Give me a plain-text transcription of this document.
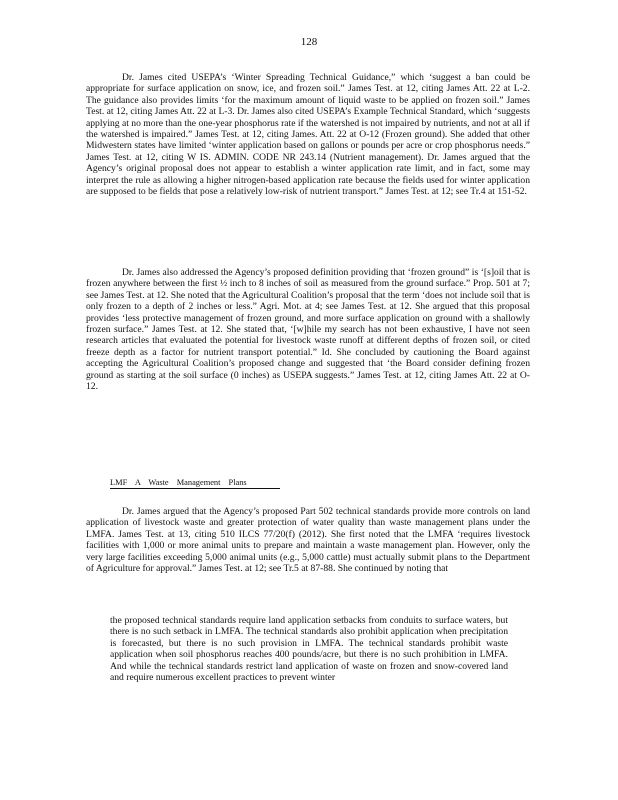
128

Dr. James cited USEPA’s ‘Winter Spreading Technical Guidance,” which ‘suggest a ban could be appropriate for surface application on snow, ice, and frozen soil.” James Test. at 12, citing James Att. 22 at L-2. The guidance also provides limits ‘for the maximum amount of liquid waste to be applied on frozen soil.” James Test. at 12, citing James Att. 22 at L-3. Dr. James also cited USEPA’s Example Technical Standard, which ‘suggests applying at no more than the one-year phosphorus rate if the watershed is not impaired by nutrients, and not at all if the watershed is impaired.” James Test. at 12, citing James. Att. 22 at O-12 (Frozen ground). She added that other Midwestern states have limited ‘winter application based on gallons or pounds per acre or crop phosphorus needs.” James Test. at 12, citing W IS. ADMIN. CODE NR 243.14 (Nutrient management). Dr. James argued that the Agency’s original proposal does not appear to establish a winter application rate limit, and in fact, some may interpret the rule as allowing a higher nitrogen-based application rate because the fields used for winter application are supposed to be fields that pose a relatively low-risk of nutrient transport.” James Test. at 12; see Tr.4 at 151-52.

Dr. James also addressed the Agency’s proposed definition providing that ‘frozen ground” is ‘[s]oil that is frozen anywhere between the first ½ inch to 8 inches of soil as measured from the ground surface.” Prop. 501 at 7; see James Test. at 12. She noted that the Agricultural Coalition’s proposal that the term ‘does not include soil that is only frozen to a depth of 2 inches or less.” Agri. Mot. at 4; see James Test. at 12. She argued that this proposal provides ‘less protective management of frozen ground, and more surface application on ground with a shallowly frozen surface.” James Test. at 12. She stated that, ‘[w]hile my search has not been exhaustive, I have not seen research articles that evaluated the potential for livestock waste runoff at different depths of frozen soil, or cited freeze depth as a factor for nutrient transport potential.” Id. She concluded by cautioning the Board against accepting the Agricultural Coalition’s proposed change and suggested that ‘the Board consider defining frozen ground as starting at the soil surface (0 inches) as USEPA suggests.” James Test. at 12, citing James Att. 22 at O-12.

LMF A Waste Management Plans

Dr. James argued that the Agency’s proposed Part 502 technical standards provide more controls on land application of livestock waste and greater protection of water quality than waste management plans under the LMFA. James Test. at 13, citing 510 ILCS 77/20(f) (2012). She first noted that the LMFA ‘requires livestock facilities with 1,000 or more animal units to prepare and maintain a waste management plan. However, only the very large facilities exceeding 5,000 animal units (e.g., 5,000 cattle) must actually submit plans to the Department of Agriculture for approval.” James Test. at 12; see Tr.5 at 87-88. She continued by noting that

the proposed technical standards require land application setbacks from conduits to surface waters, but there is no such setback in LMFA. The technical standards also prohibit application when precipitation is forecasted, but there is no such provision in LMFA. The technical standards prohibit waste application when soil phosphorus reaches 400 pounds/acre, but there is no such prohibition in LMFA. And while the technical standards restrict land application of waste on frozen and snow-covered land and require numerous excellent practices to prevent winter
